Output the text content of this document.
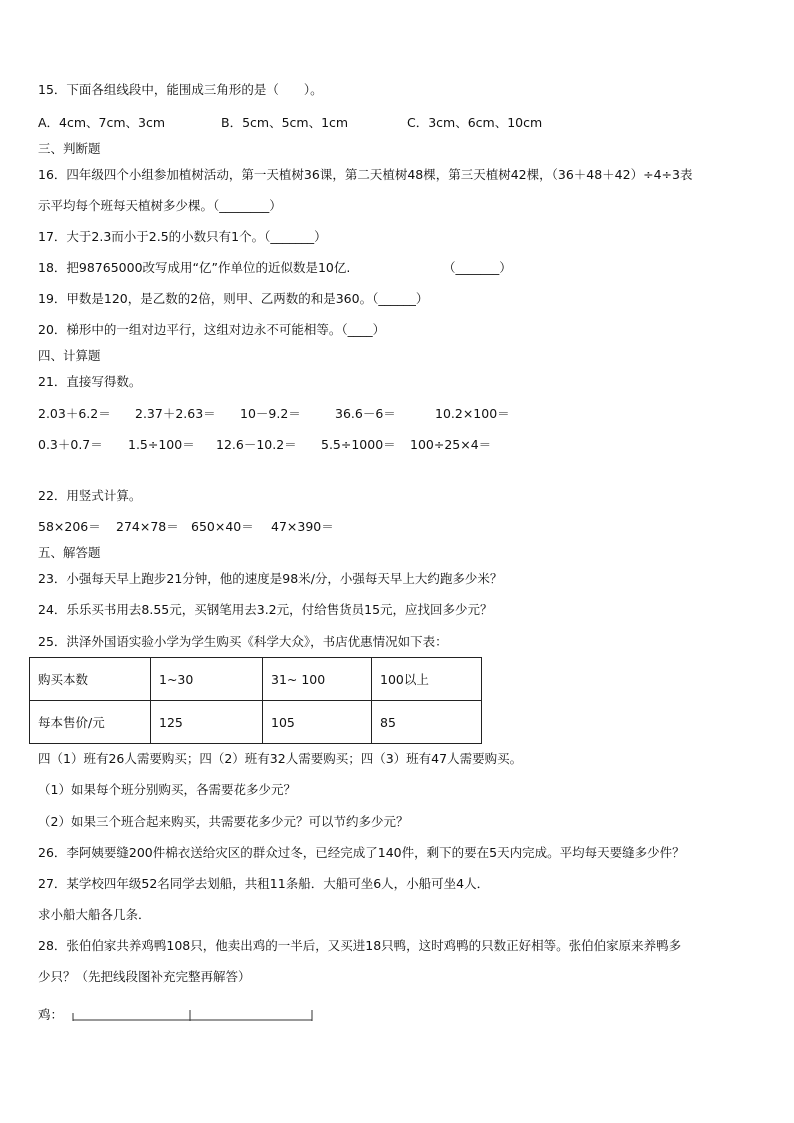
15．下面各组线段中，能围成三角形的是（　　）。
A．4cm、7cm、3cm	B．5cm、5cm、1cm	C．3cm、6cm、10cm
三、判断题
16．四年级四个小组参加植树活动，第一天植树36课，第二天植树48棵，第三天植树42棵，（36＋48＋42）÷4÷3表
示平均每个班每天植树多少棵。（________）
17．大于2.3而小于2.5的小数只有1个。（_______）
18．把98765000改写成用“亿”作单位的近似数是10亿.	（_______）
19．甲数是120，是乙数的2倍，则甲、乙两数的和是360。（______）
20．梯形中的一组对边平行，这组对边永不可能相等。（____）
四、计算题
21．直接写得数。
2.03＋6.2＝ 2.37＋2.63＝ 10－9.2＝	36.6－6＝	10.2×100＝
0.3＋0.7＝ 1.5÷100＝ 12.6－10.2＝ 5.5÷1000＝ 100÷25×4＝
22．用竖式计算。
58×206＝ 274×78＝ 650×40＝ 47×390＝
五、解答题
23．小强每天早上跑步21分钟，他的速度是98米/分，小强每天早上大约跑多少米？
24．乐乐买书用去8.55元，买钢笔用去3.2元，付给售货员15元，应找回多少元？
25．洪泽外国语实验小学为学生购买《科学大众》，书店优惠情况如下表：
购买本数	1~30	31~ 100	100以上
每本售价/元	125	105	85
四（1）班有26人需要购买；四（2）班有32人需要购买；四（3）班有47人需要购买。
（1）如果每个班分别购买，各需要花多少元？
（2）如果三个班合起来购买，共需要花多少元？可以节约多少元？
26．李阿姨要缝200件棉衣送给灾区的群众过冬，已经完成了140件，剩下的要在5天内完成。平均每天要缝多少件？
27．某学校四年级52名同学去划船，共租11条船．大船可坐6人，小船可坐4人．
求小船大船各几条．
28．张伯伯家共养鸡鸭108只，他卖出鸡的一半后，又买进18只鸭，这时鸡鸭的只数正好相等。张伯伯家原来养鸭多
少只？（先把线段图补充完整再解答）
鸡：
